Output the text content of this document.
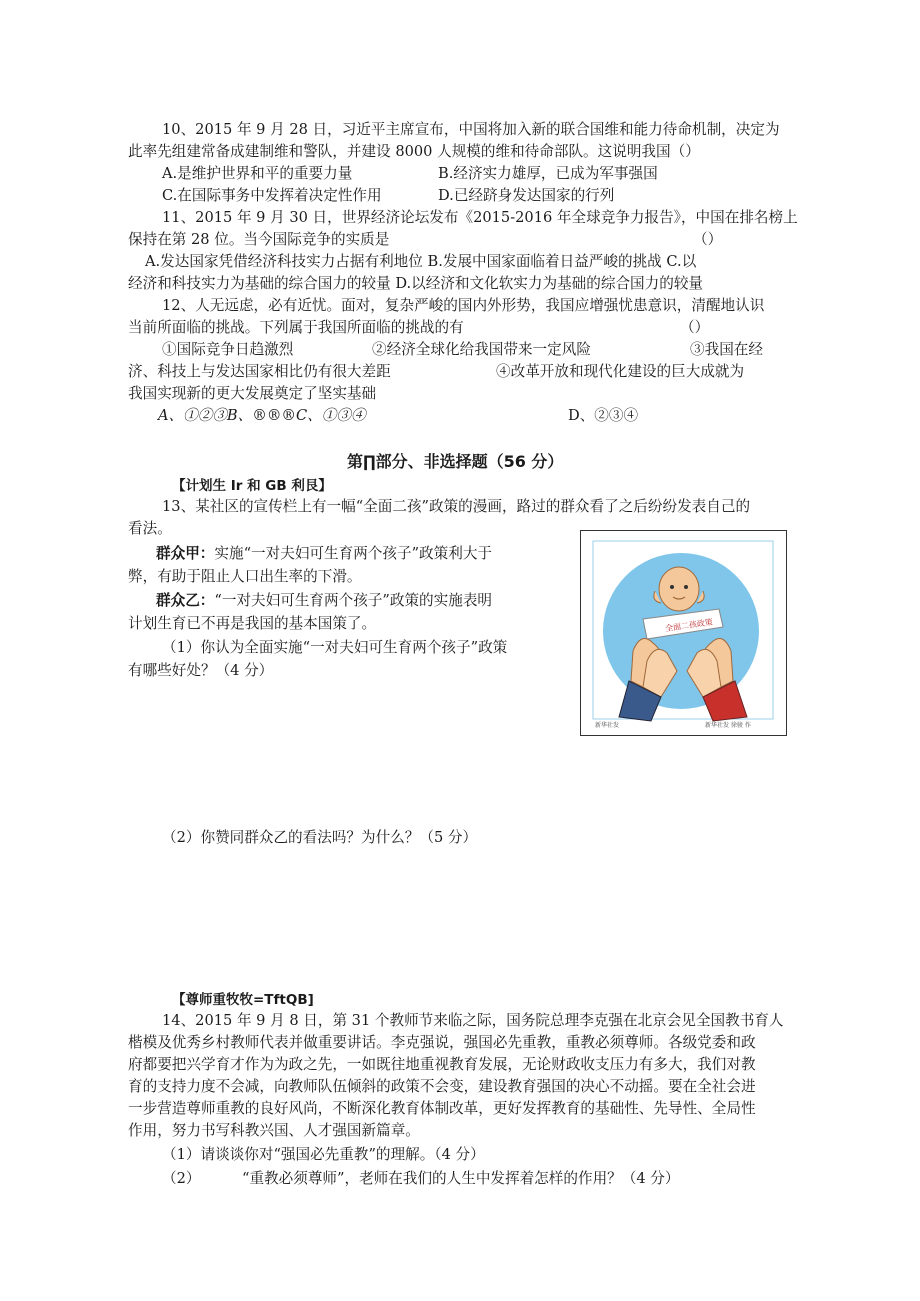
10、2015 年 9 月 28 日，习近平主席宣布，中国将加入新的联合国维和能力待命机制，决定为
此率先组建常备成建制维和警队，并建设 8000 人规模的维和待命部队。这说明我国（）
A.是维护世界和平的重要力量	B.经济实力雄厚，已成为军事强国
C.在国际事务中发挥着决定性作用	D.已经跻身发达国家的行列
11、2015 年 9 月 30 日，世界经济论坛发布《2015-2016 年全球竞争力报告》，中国在排名榜上
保持在第 28 位。当今国际竞争的实质是	（）
A.发达国家凭借经济科技实力占据有利地位 B.发展中国家面临着日益严峻的挑战 C.以
经济和科技实力为基础的综合国力的较量 D.以经济和文化软实力为基础的综合国力的较量
12、人无远虑，必有近忧。面对，复杂严峻的国内外形势，我国应增强忧患意识，清醒地认识
当前所面临的挑战。下列属于我国所面临的挑战的有	（）
①国际竞争日趋激烈	②经济全球化给我国带来一定风险	③我国在经
济、科技上与发达国家相比仍有很大差距	④改革开放和现代化建设的巨大成就为
我国实现新的更大发展奠定了坚实基础
A、①②③B、®®®C、①③④	D、②③④
第∏部分、非选择题（56 分）
【计划生 Ir 和 GB 利艮】
13、某社区的宣传栏上有一幅“全面二孩”政策的漫画，路过的群众看了之后纷纷发表自己的
看法。
群众甲：实施“一对夫妇可生育两个孩子”政策利大于
弊，有助于阻止人口出生率的下滑。
群众乙：“一对夫妇可生育两个孩子”政策的实施表明
计划生育已不再是我国的基本国策了。
（1）你认为全面实施“一对夫妇可生育两个孩子”政策
有哪些好处？（4 分）
全面二孩政策
新华社发	新华社发 徐骏 作
（2）你赞同群众乙的看法吗？为什么？（5 分）
【尊师重牧牧=TftQB]
14、2015 年 9 月 8 日，第 31 个教师节来临之际，国务院总理李克强在北京会见全国教书育人
楷模及优秀乡村教师代表并做重要讲话。李克强说，强国必先重教，重教必须尊师。各级党委和政
府都要把兴学育才作为为政之先，一如既往地重视教育发展，无论财政收支压力有多大，我们对教
育的支持力度不会减，向教师队伍倾斜的政策不会变，建设教育强国的决心不动摇。要在全社会进
一步营造尊师重教的良好风尚，不断深化教育体制改革，更好发挥教育的基础性、先导性、全局性
作用，努力书写科教兴国、人才强国新篇章。
（1）请谈谈你对“强国必先重教”的理解。（4 分）
（2）	“重教必须尊师”，老师在我们的人生中发挥着怎样的作用？（4 分）
